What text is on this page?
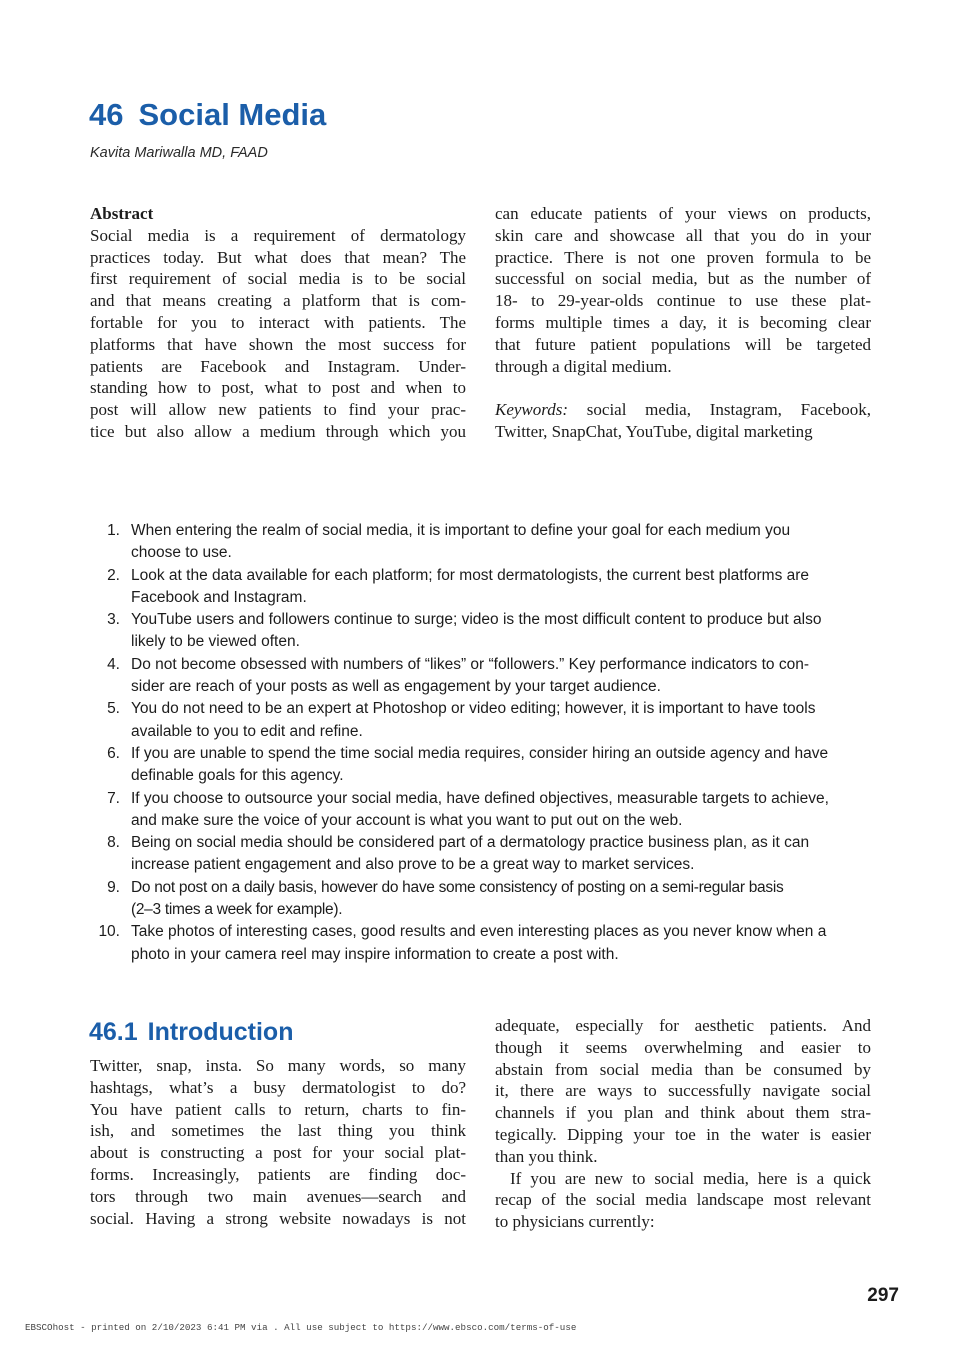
46 Social Media
Kavita Mariwalla MD, FAAD
Abstract
Social media is a requirement of dermatology
practices today. But what does that mean? The
first requirement of social media is to be social
and that means creating a platform that is com-
fortable for you to interact with patients. The
platforms that have shown the most success for
patients are Facebook and Instagram. Under-
standing how to post, what to post and when to
post will allow new patients to find your prac-
tice but also allow a medium through which you
can educate patients of your views on products,
skin care and showcase all that you do in your
practice. There is not one proven formula to be
successful on social media, but as the number of
18- to 29-year-olds continue to use these plat-
forms multiple times a day, it is becoming clear
that future patient populations will be targeted
through a digital medium.
Keywords: social media, Instagram, Facebook,
Twitter, SnapChat, YouTube, digital marketing
1. When entering the realm of social media, it is important to define your goal for each medium you
choose to use.
2. Look at the data available for each platform; for most dermatologists, the current best platforms are
Facebook and Instagram.
3. YouTube users and followers continue to surge; video is the most difficult content to produce but also
likely to be viewed often.
4. Do not become obsessed with numbers of “likes” or “followers.” Key performance indicators to con-
sider are reach of your posts as well as engagement by your target audience.
5. You do not need to be an expert at Photoshop or video editing; however, it is important to have tools
available to you to edit and refine.
6. If you are unable to spend the time social media requires, consider hiring an outside agency and have
definable goals for this agency.
7. If you choose to outsource your social media, have defined objectives, measurable targets to achieve,
and make sure the voice of your account is what you want to put out on the web.
8. Being on social media should be considered part of a dermatology practice business plan, as it can
increase patient engagement and also prove to be a great way to market services.
9. Do not post on a daily basis, however do have some consistency of posting on a semi-regular basis
(2–3 times a week for example).
10. Take photos of interesting cases, good results and even interesting places as you never know when a
photo in your camera reel may inspire information to create a post with.
46.1 Introduction
Twitter, snap, insta. So many words, so many
hashtags, what’s a busy dermatologist to do?
You have patient calls to return, charts to fin-
ish, and sometimes the last thing you think
about is constructing a post for your social plat-
forms. Increasingly, patients are finding doc-
tors through two main avenues—search and
social. Having a strong website nowadays is not
adequate, especially for aesthetic patients. And
though it seems overwhelming and easier to
abstain from social media than be consumed by
it, there are ways to successfully navigate social
channels if you plan and think about them stra-
tegically. Dipping your toe in the water is easier
than you think.
If you are new to social media, here is a quick
recap of the social media landscape most relevant
to physicians currently:
297
EBSCOhost - printed on 2/10/2023 6:41 PM via . All use subject to https://www.ebsco.com/terms-of-use
